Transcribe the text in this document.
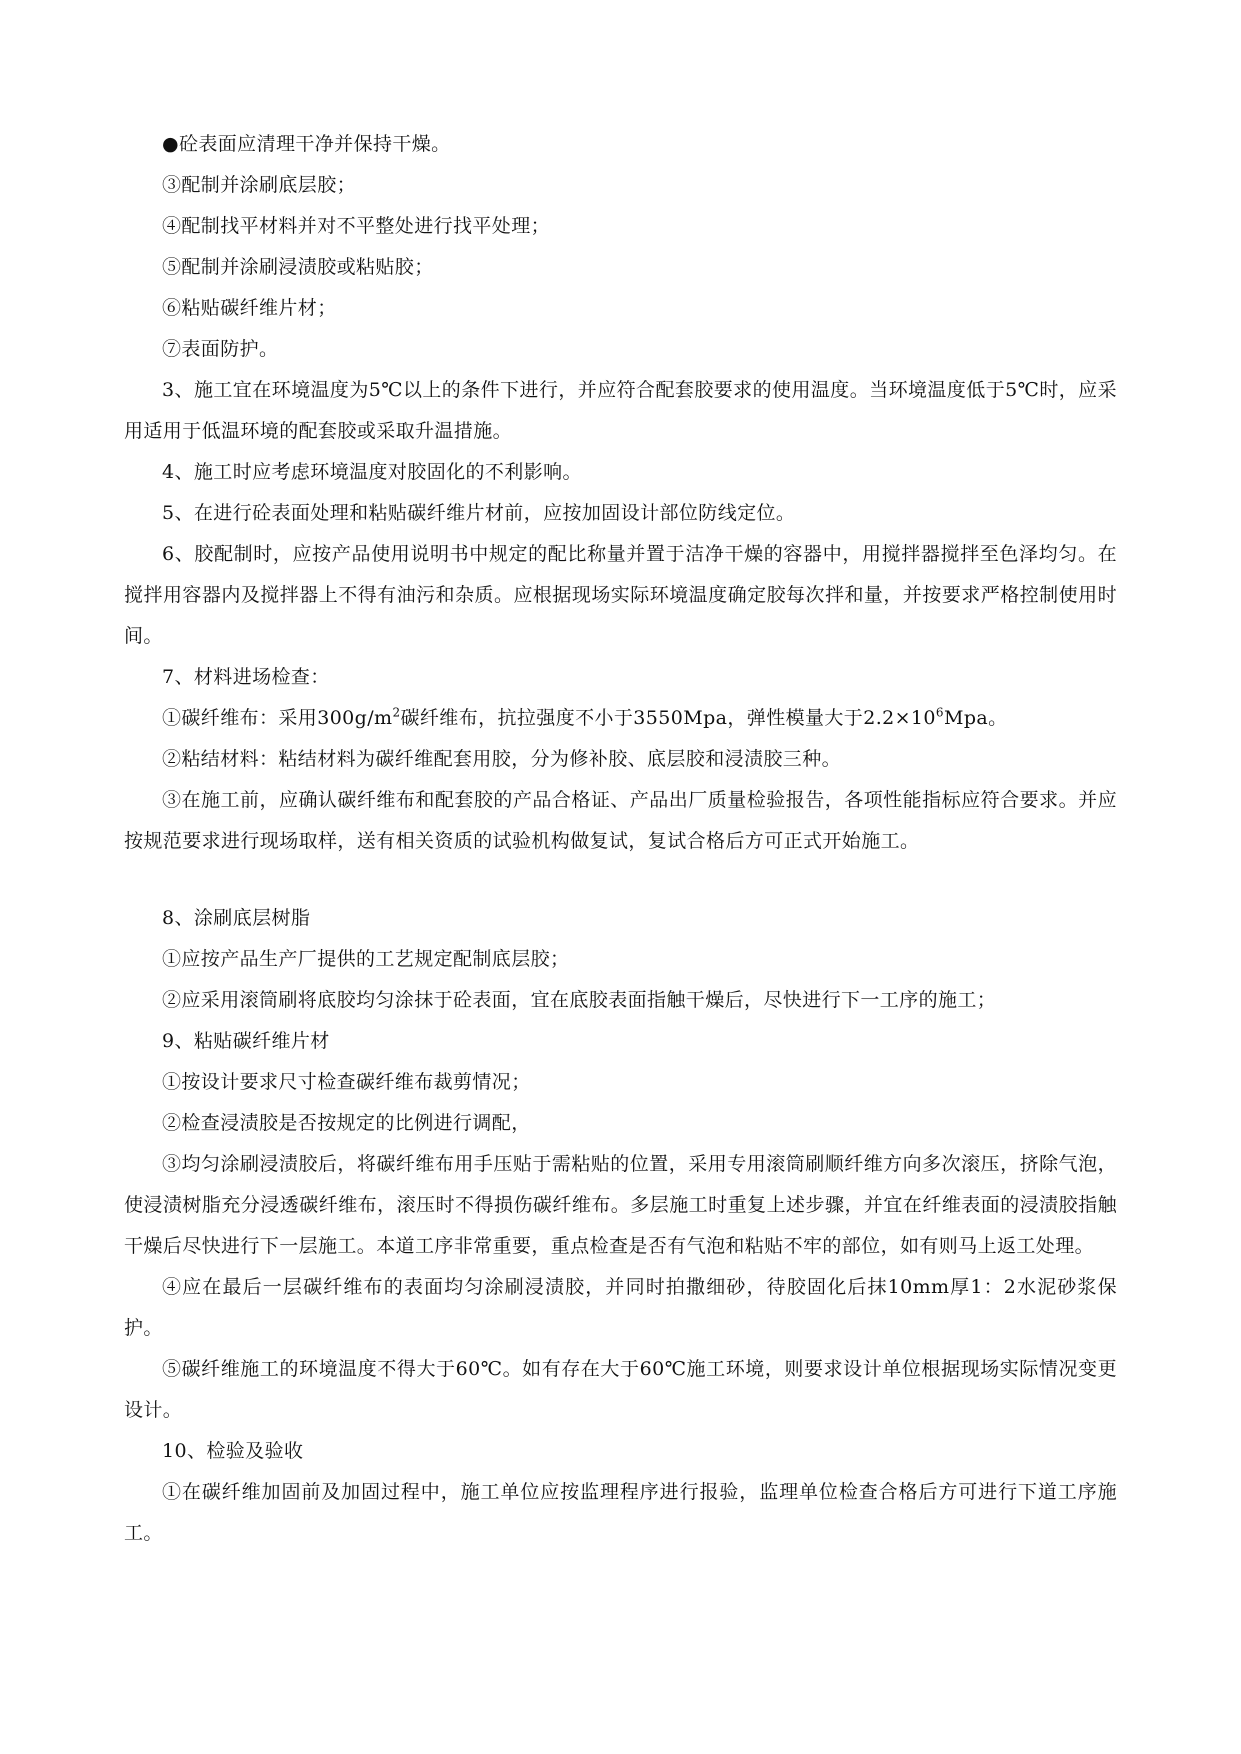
●砼表面应清理干净并保持干燥。

③配制并涂刷底层胶；

④配制找平材料并对不平整处进行找平处理；

⑤配制并涂刷浸渍胶或粘贴胶；

⑥粘贴碳纤维片材；

⑦表面防护。

3、施工宜在环境温度为5℃以上的条件下进行，并应符合配套胶要求的使用温度。当环境温度低于5℃时，应采用适用于低温环境的配套胶或采取升温措施。

4、施工时应考虑环境温度对胶固化的不利影响。

5、在进行砼表面处理和粘贴碳纤维片材前，应按加固设计部位防线定位。

6、胶配制时，应按产品使用说明书中规定的配比称量并置于洁净干燥的容器中，用搅拌器搅拌至色泽均匀。在搅拌用容器内及搅拌器上不得有油污和杂质。应根据现场实际环境温度确定胶每次拌和量，并按要求严格控制使用时间。

7、材料进场检查：

①碳纤维布：采用$300g/m^2$碳纤维布，抗拉强度不小于3550Mpa，弹性模量大于$2.2\times 10^6Mpa$。

②粘结材料：粘结材料为碳纤维配套用胶，分为修补胶、底层胶和浸渍胶三种。

③在施工前，应确认碳纤维布和配套胶的产品合格证、产品出厂质量检验报告，各项性能指标应符合要求。并应按规范要求进行现场取样，送有相关资质的试验机构做复试，复试合格后方可正式开始施工。

8、涂刷底层树脂

①应按产品生产厂提供的工艺规定配制底层胶；

②应采用滚筒刷将底胶均匀涂抹于砼表面，宜在底胶表面指触干燥后，尽快进行下一工序的施工；

9、粘贴碳纤维片材

①按设计要求尺寸检查碳纤维布裁剪情况；

②检查浸渍胶是否按规定的比例进行调配，

③均匀涂刷浸渍胶后，将碳纤维布用手压贴于需粘贴的位置，采用专用滚筒刷顺纤维方向多次滚压，挤除气泡，使浸渍树脂充分浸透碳纤维布，滚压时不得损伤碳纤维布。多层施工时重复上述步骤，并宜在纤维表面的浸渍胶指触干燥后尽快进行下一层施工。本道工序非常重要，重点检查是否有气泡和粘贴不牢的部位，如有则马上返工处理。

④应在最后一层碳纤维布的表面均匀涂刷浸渍胶，并同时拍撒细砂，待胶固化后抹10mm厚1：2水泥砂浆保护。

⑤碳纤维施工的环境温度不得大于60℃。如有存在大于60℃施工环境，则要求设计单位根据现场实际情况变更设计。

10、检验及验收

①在碳纤维加固前及加固过程中，施工单位应按监理程序进行报验，监理单位检查合格后方可进行下道工序施工。
